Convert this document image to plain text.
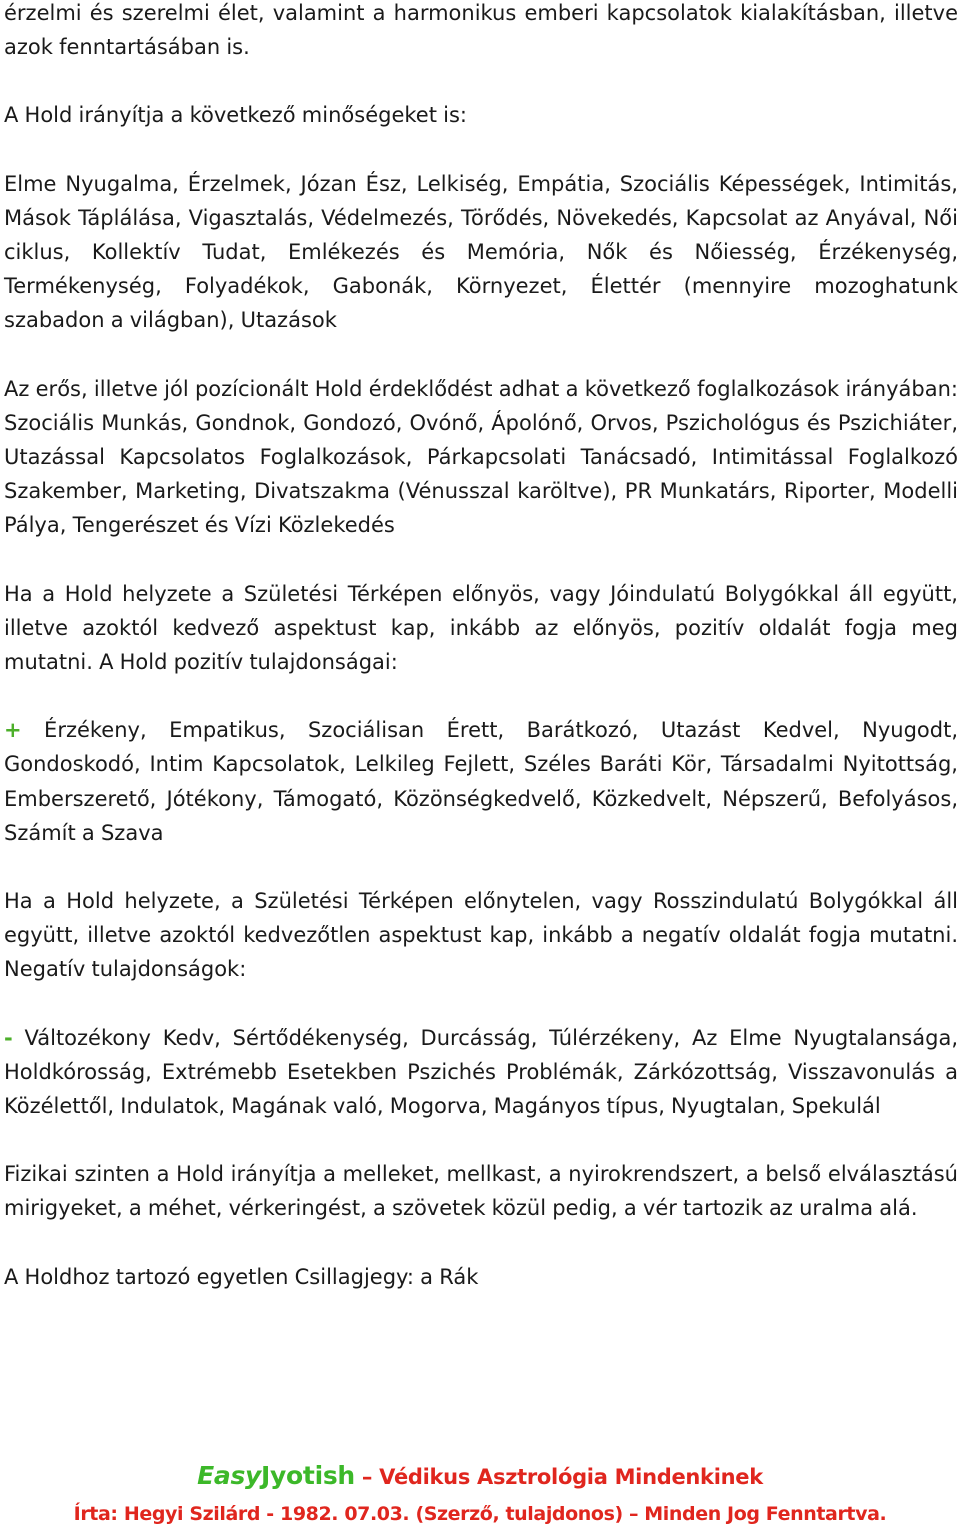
érzelmi és szerelmi élet, valamint a harmonikus emberi kapcsolatok kialakításban, illetve azok fenntartásában is.

A Hold irányítja a következő minőségeket is:

Elme Nyugalma, Érzelmek, Józan Ész, Lelkiség, Empátia, Szociális Képességek, Intimitás, Mások Táplálása, Vigasztalás, Védelmezés, Törődés, Növekedés, Kapcsolat az Anyával, Női ciklus, Kollektív Tudat, Emlékezés és Memória, Nők és Nőiesség, Érzékenység, Termékenység, Folyadékok, Gabonák, Környezet, Élettér (mennyire mozoghatunk szabadon a világban), Utazások

Az erős, illetve jól pozícionált Hold érdeklődést adhat a következő foglalkozások irányában: Szociális Munkás, Gondnok, Gondozó, Ovónő, Ápolónő, Orvos, Pszichológus és Pszichiáter, Utazással Kapcsolatos Foglalkozások, Párkapcsolati Tanácsadó, Intimitással Foglalkozó Szakember, Marketing, Divatszakma (Vénusszal karöltve), PR Munkatárs, Riporter, Modelli Pálya, Tengerészet és Vízi Közlekedés

Ha a Hold helyzete a Születési Térképen előnyös, vagy Jóindulatú Bolygókkal áll együtt, illetve azoktól kedvező aspektust kap, inkább az előnyös, pozitív oldalát fogja meg mutatni. A Hold pozitív tulajdonságai:

+ Érzékeny, Empatikus, Szociálisan Érett, Barátkozó, Utazást Kedvel, Nyugodt, Gondoskodó, Intim Kapcsolatok, Lelkileg Fejlett, Széles Baráti Kör, Társadalmi Nyitottság, Emberszerető, Jótékony, Támogató, Közönségkedvelő, Közkedvelt, Népszerű, Befolyásos, Számít a Szava

Ha a Hold helyzete, a Születési Térképen előnytelen, vagy Rosszindulatú Bolygókkal áll együtt, illetve azoktól kedvezőtlen aspektust kap, inkább a negatív oldalát fogja mutatni. Negatív tulajdonságok:

- Változékony Kedv, Sértődékenység, Durcásság, Túlérzékeny, Az Elme Nyugtalansága, Holdkórosság, Extrémebb Esetekben Pszichés Problémák, Zárkózottság, Visszavonulás a Közélettől, Indulatok, Magának való, Mogorva, Magányos típus, Nyugtalan, Spekulál

Fizikai szinten a Hold irányítja a melleket, mellkast, a nyirokrendszert, a belső elválasztású mirigyeket, a méhet, vérkeringést, a szövetek közül pedig, a vér tartozik az uralma alá.

A Holdhoz tartozó egyetlen Csillagjegy: a Rák

EasyJyotish – Védikus Asztrológia Mindenkinek
Írta: Hegyi Szilárd - 1982. 07.03. (Szerző, tulajdonos) – Minden Jog Fenntartva.
